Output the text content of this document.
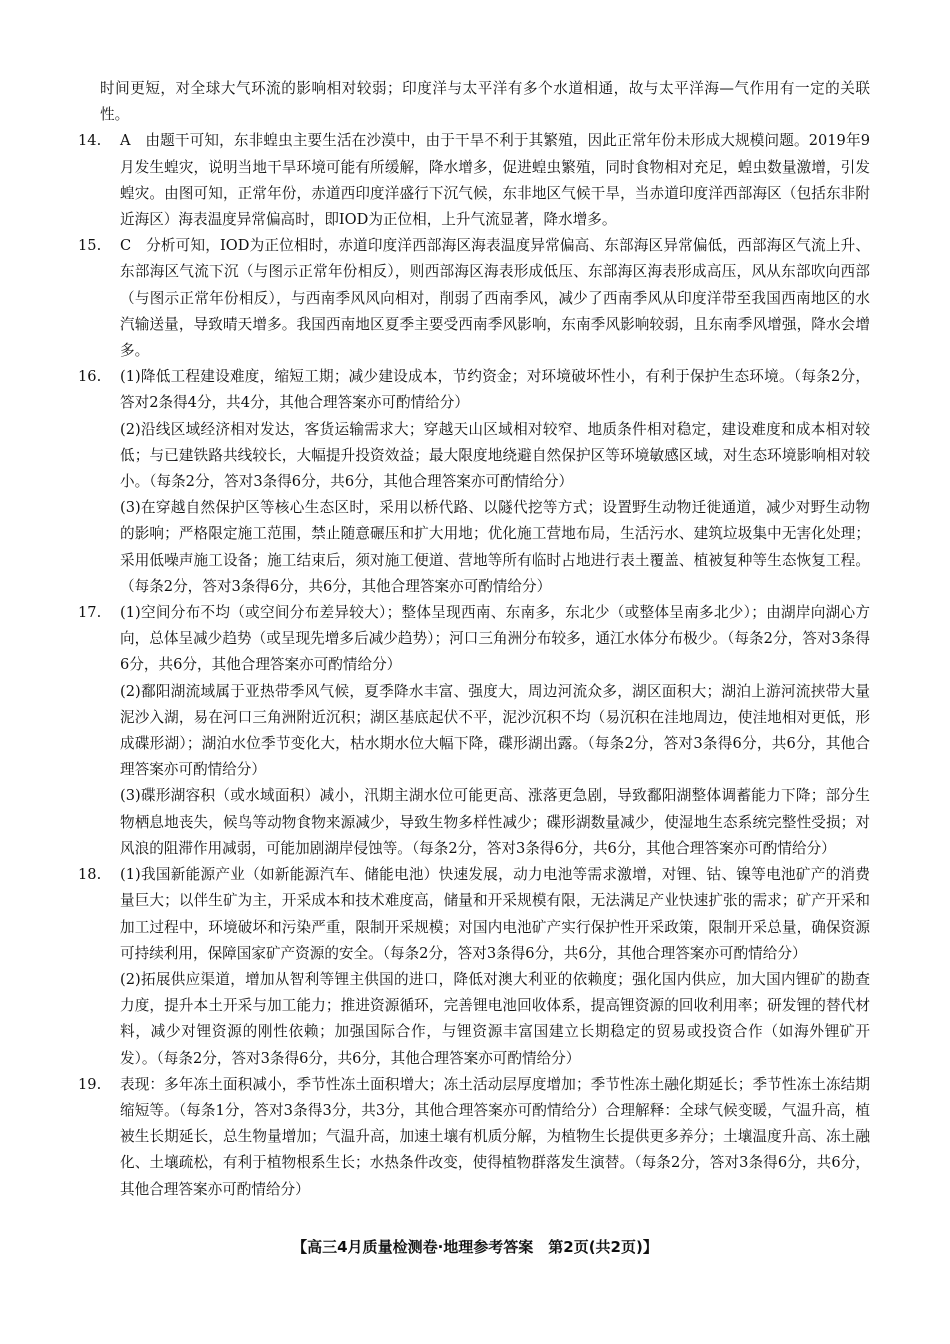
时间更短，对全球大气环流的影响相对较弱；印度洋与太平洋有多个水道相通，故与太平洋海—气作用有一定的关联性。

14. A　由题干可知，东非蝗虫主要生活在沙漠中，由于干旱不利于其繁殖，因此正常年份未形成大规模问题。2019年9月发生蝗灾，说明当地干旱环境可能有所缓解，降水增多，促进蝗虫繁殖，同时食物相对充足，蝗虫数量激增，引发蝗灾。由图可知，正常年份，赤道西印度洋盛行下沉气候，东非地区气候干旱，当赤道印度洋西部海区（包括东非附近海区）海表温度异常偏高时，即IOD为正位相，上升气流显著，降水增多。

15. C　分析可知，IOD为正位相时，赤道印度洋西部海区海表温度异常偏高、东部海区异常偏低，西部海区气流上升、东部海区气流下沉（与图示正常年份相反），则西部海区海表形成低压、东部海区海表形成高压，风从东部吹向西部（与图示正常年份相反），与西南季风风向相对，削弱了西南季风，减少了西南季风从印度洋带至我国西南地区的水汽输送量，导致晴天增多。我国西南地区夏季主要受西南季风影响，东南季风影响较弱，且东南季风增强，降水会增多。

16. (1)降低工程建设难度，缩短工期；减少建设成本，节约资金；对环境破坏性小，有利于保护生态环境。（每条2分，答对2条得4分，共4分，其他合理答案亦可酌情给分）

(2)沿线区域经济相对发达，客货运输需求大；穿越天山区域相对较窄、地质条件相对稳定，建设难度和成本相对较低；与已建铁路共线较长，大幅提升投资效益；最大限度地绕避自然保护区等环境敏感区域，对生态环境影响相对较小。（每条2分，答对3条得6分，共6分，其他合理答案亦可酌情给分）

(3)在穿越自然保护区等核心生态区时，采用以桥代路、以隧代挖等方式；设置野生动物迁徙通道，减少对野生动物的影响；严格限定施工范围，禁止随意碾压和扩大用地；优化施工营地布局，生活污水、建筑垃圾集中无害化处理；采用低噪声施工设备；施工结束后，须对施工便道、营地等所有临时占地进行表土覆盖、植被复种等生态恢复工程。（每条2分，答对3条得6分，共6分，其他合理答案亦可酌情给分）

17. (1)空间分布不均（或空间分布差异较大）；整体呈现西南、东南多，东北少（或整体呈南多北少）；由湖岸向湖心方向，总体呈减少趋势（或呈现先增多后减少趋势）；河口三角洲分布较多，通江水体分布极少。（每条2分，答对3条得6分，共6分，其他合理答案亦可酌情给分）

(2)鄱阳湖流域属于亚热带季风气候，夏季降水丰富、强度大，周边河流众多，湖区面积大；湖泊上游河流挟带大量泥沙入湖，易在河口三角洲附近沉积；湖区基底起伏不平，泥沙沉积不均（易沉积在洼地周边，使洼地相对更低，形成碟形湖）；湖泊水位季节变化大，枯水期水位大幅下降，碟形湖出露。（每条2分，答对3条得6分，共6分，其他合理答案亦可酌情给分）

(3)碟形湖容积（或水域面积）减小，汛期主湖水位可能更高、涨落更急剧，导致鄱阳湖整体调蓄能力下降；部分生物栖息地丧失，候鸟等动物食物来源减少，导致生物多样性减少；碟形湖数量减少，使湿地生态系统完整性受损；对风浪的阻滞作用减弱，可能加剧湖岸侵蚀等。（每条2分，答对3条得6分，共6分，其他合理答案亦可酌情给分）

18. (1)我国新能源产业（如新能源汽车、储能电池）快速发展，动力电池等需求激增，对锂、钴、镍等电池矿产的消费量巨大；以伴生矿为主，开采成本和技术难度高，储量和开采规模有限，无法满足产业快速扩张的需求；矿产开采和加工过程中，环境破坏和污染严重，限制开采规模；对国内电池矿产实行保护性开采政策，限制开采总量，确保资源可持续利用，保障国家矿产资源的安全。（每条2分，答对3条得6分，共6分，其他合理答案亦可酌情给分）

(2)拓展供应渠道，增加从智利等锂主供国的进口，降低对澳大利亚的依赖度；强化国内供应，加大国内锂矿的勘查力度，提升本土开采与加工能力；推进资源循环，完善锂电池回收体系，提高锂资源的回收利用率；研发锂的替代材料，减少对锂资源的刚性依赖；加强国际合作，与锂资源丰富国建立长期稳定的贸易或投资合作（如海外锂矿开发）。（每条2分，答对3条得6分，共6分，其他合理答案亦可酌情给分）

19. 表现：多年冻土面积减小，季节性冻土面积增大；冻土活动层厚度增加；季节性冻土融化期延长；季节性冻土冻结期缩短等。（每条1分，答对3条得3分，共3分，其他合理答案亦可酌情给分）合理解释：全球气候变暖，气温升高，植被生长期延长，总生物量增加；气温升高，加速土壤有机质分解，为植物生长提供更多养分；土壤温度升高、冻土融化、土壤疏松，有利于植物根系生长；水热条件改变，使得植物群落发生演替。（每条2分，答对3条得6分，共6分，其他合理答案亦可酌情给分）

【高三4月质量检测卷·地理参考答案　第2页(共2页)】
